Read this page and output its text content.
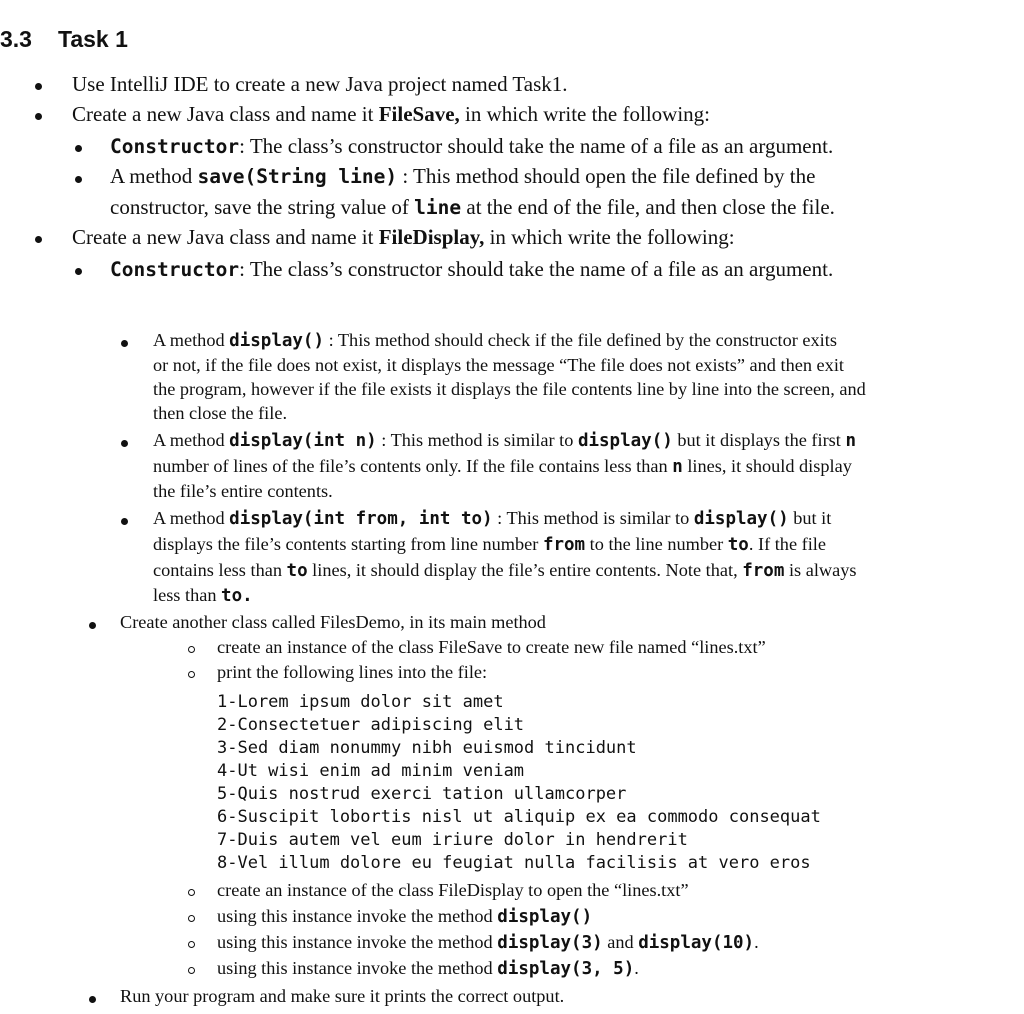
3.3 Task 1
Use IntelliJ IDE to create a new Java project named Task1.
Create a new Java class and name it FileSave, in which write the following:
Constructor: The class’s constructor should take the name of a file as an argument.
A method save(String line) : This method should open the file defined by the
constructor, save the string value of line at the end of the file, and then close the file.
Create a new Java class and name it FileDisplay, in which write the following:
Constructor: The class’s constructor should take the name of a file as an argument.
A method display() : This method should check if the file defined by the constructor exits
or not, if the file does not exist, it displays the message “The file does not exists” and then exit
the program, however if the file exists it displays the file contents line by line into the screen, and
then close the file.
A method display(int n) : This method is similar to display() but it displays the first n
number of lines of the file’s contents only. If the file contains less than n lines, it should display
the file’s entire contents.
A method display(int from, int to) : This method is similar to display() but it
displays the file’s contents starting from line number from to the line number to. If the file
contains less than to lines, it should display the file’s entire contents. Note that, from is always
less than to.
Create another class called FilesDemo, in its main method
create an instance of the class FileSave to create new file named “lines.txt”
print the following lines into the file:
1-Lorem ipsum dolor sit amet
2-Consectetuer adipiscing elit
3-Sed diam nonummy nibh euismod tincidunt
4-Ut wisi enim ad minim veniam
5-Quis nostrud exerci tation ullamcorper
6-Suscipit lobortis nisl ut aliquip ex ea commodo consequat
7-Duis autem vel eum iriure dolor in hendrerit
8-Vel illum dolore eu feugiat nulla facilisis at vero eros
create an instance of the class FileDisplay to open the “lines.txt”
using this instance invoke the method display()
using this instance invoke the method display(3) and display(10).
using this instance invoke the method display(3, 5).
Run your program and make sure it prints the correct output.
